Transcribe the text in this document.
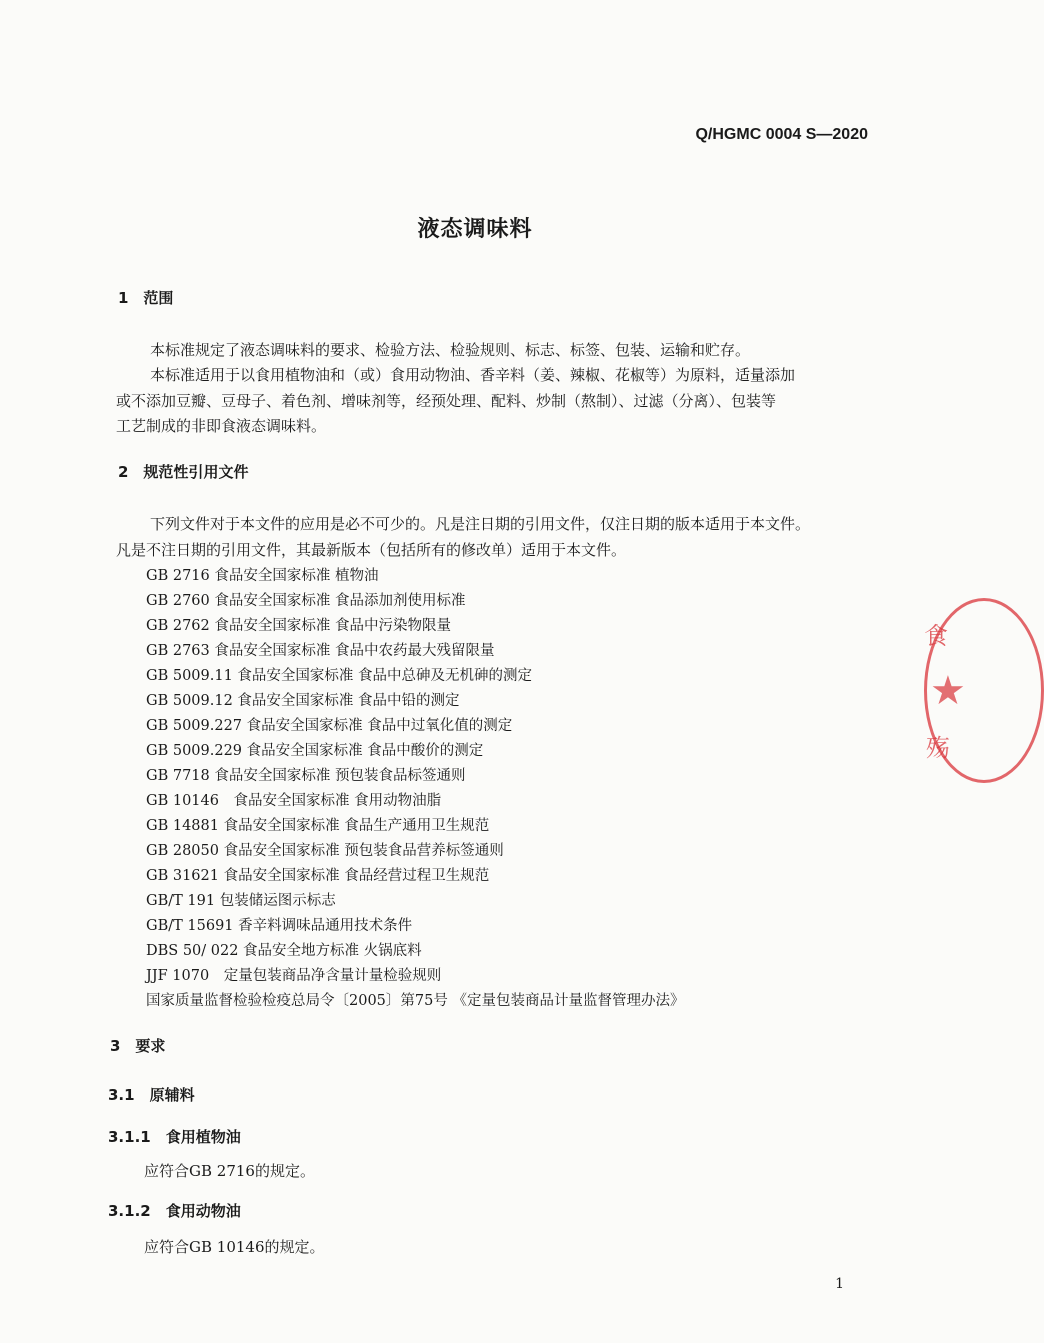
Q/HGMC 0004 S—2020
液态调味料
1　范围
本标准规定了液态调味料的要求、检验方法、检验规则、标志、标签、包装、运输和贮存。
本标准适用于以食用植物油和（或）食用动物油、香辛料（姜、辣椒、花椒等）为原料，适量添加
或不添加豆瓣、豆母子、着色剂、增味剂等，经预处理、配料、炒制（熬制）、过滤（分离）、包装等
工艺制成的非即食液态调味料。
2　规范性引用文件
下列文件对于本文件的应用是必不可少的。凡是注日期的引用文件，仅注日期的版本适用于本文件。
凡是不注日期的引用文件，其最新版本（包括所有的修改单）适用于本文件。
GB 2716 食品安全国家标准 植物油
GB 2760 食品安全国家标准 食品添加剂使用标准
GB 2762 食品安全国家标准 食品中污染物限量
GB 2763 食品安全国家标准 食品中农药最大残留限量
GB 5009.11 食品安全国家标准 食品中总砷及无机砷的测定
GB 5009.12 食品安全国家标准 食品中铅的测定
GB 5009.227 食品安全国家标准 食品中过氧化值的测定
GB 5009.229 食品安全国家标准 食品中酸价的测定
GB 7718 食品安全国家标准 预包装食品标签通则
GB 10146　食品安全国家标准 食用动物油脂
GB 14881 食品安全国家标准 食品生产通用卫生规范
GB 28050 食品安全国家标准 预包装食品营养标签通则
GB 31621 食品安全国家标准 食品经营过程卫生规范
GB/T 191 包装储运图示标志
GB/T 15691 香辛料调味品通用技术条件
DBS 50/ 022 食品安全地方标准 火锅底料
JJF 1070　定量包装商品净含量计量检验规则
国家质量监督检验检疫总局令〔2005〕第75号 《定量包装商品计量监督管理办法》
3　要求
3.1　原辅料
3.1.1　食用植物油
应符合GB 2716的规定。
3.1.2　食用动物油
应符合GB 10146的规定。
1
食
★
殇
